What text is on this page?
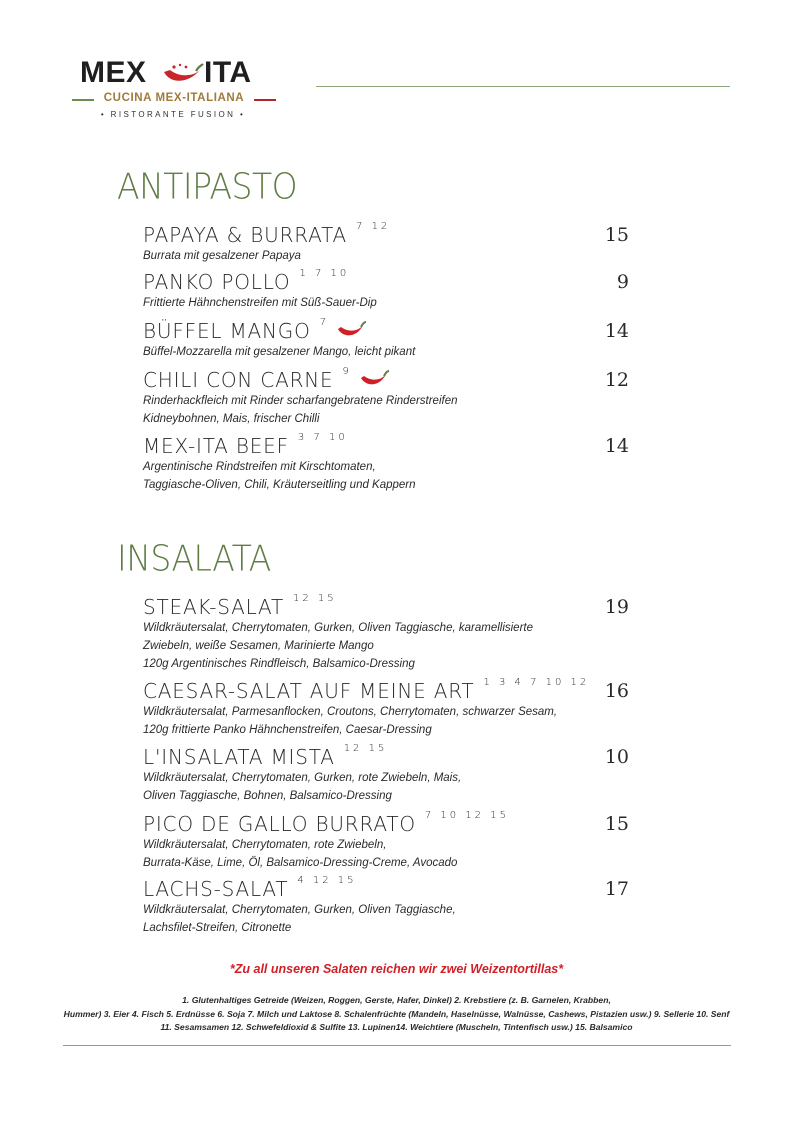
MEX ITA
CUCINA MEX-ITALIANA
• RISTORANTE FUSION •
ANTIPASTO
PAPAYA & BURRATA 7 12
Burrata mit gesalzener Papaya
15
PANKO POLLO 1 7 10
Frittierte Hähnchenstreifen mit Süß-Sauer-Dip
9
BÜFFEL MANGO 7
Büffel-Mozzarella mit gesalzener Mango, leicht pikant
14
CHILI CON CARNE 9
Rinderhackfleich mit Rinder scharfangebratene Rinderstreifen
Kidneybohnen, Mais, frischer Chilli
12
MEX-ITA BEEF 3 7 10
Argentinische Rindstreifen mit Kirschtomaten,
Taggiasche-Oliven, Chili, Kräuterseitling und Kappern
14
INSALATA
STEAK-SALAT 12 15
Wildkräutersalat, Cherrytomaten, Gurken, Oliven Taggiasche, karamellisierte
Zwiebeln, weiße Sesamen, Marinierte Mango
120g Argentinisches Rindfleisch, Balsamico-Dressing
19
CAESAR-SALAT AUF MEINE ART 1 3 4 7 10 12
Wildkräutersalat, Parmesanflocken, Croutons, Cherrytomaten, schwarzer Sesam,
120g frittierte Panko Hähnchenstreifen, Caesar-Dressing
16
L'INSALATA MISTA 12 15
Wildkräutersalat, Cherrytomaten, Gurken, rote Zwiebeln, Mais,
Oliven Taggiasche, Bohnen, Balsamico-Dressing
10
PICO DE GALLO BURRATO 7 10 12 15
Wildkräutersalat, Cherrytomaten, rote Zwiebeln,
Burrata-Käse, Lime, Öl, Balsamico-Dressing-Creme, Avocado
15
LACHS-SALAT 4 12 15
Wildkräutersalat, Cherrytomaten, Gurken, Oliven Taggiasche,
Lachsfilet-Streifen, Citronette
17
*Zu all unseren Salaten reichen wir zwei Weizentortillas*
1. Glutenhaltiges Getreide (Weizen, Roggen, Gerste, Hafer, Dinkel) 2. Krebstiere (z. B. Garnelen, Krabben,
Hummer) 3. Eier 4. Fisch 5. Erdnüsse 6. Soja 7. Milch und Laktose 8. Schalenfrüchte (Mandeln, Haselnüsse, Walnüsse, Cashews, Pistazien usw.) 9. Sellerie 10. Senf
11. Sesamsamen 12. Schwefeldioxid & Sulfite 13. Lupinen14. Weichtiere (Muscheln, Tintenfisch usw.) 15. Balsamico
